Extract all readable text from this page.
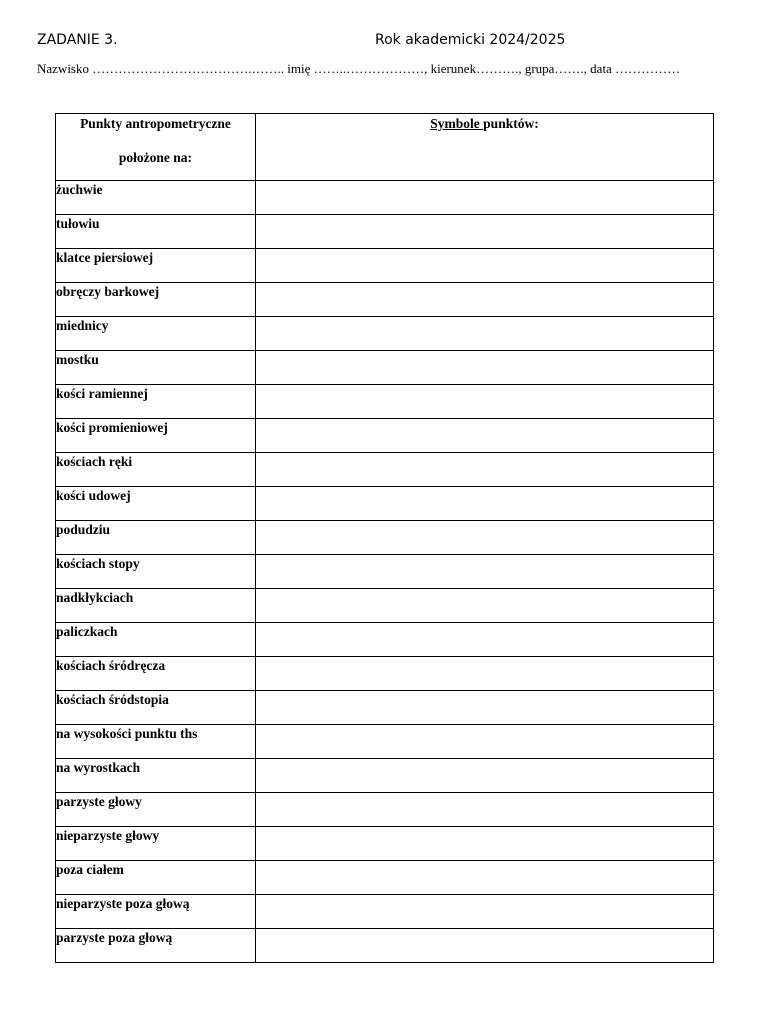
ZADANIE 3.	Rok akademicki 2024/2025
Nazwisko ……………………………….…….. imię ……..………………, kierunek………., grupa……., data ……………
Punkty antropometryczne
położone na:	Symbole punktów:

żuchwie	

tułowiu	

klatce piersiowej	

obręczy barkowej	

miednicy	

mostku	

kości ramiennej	

kości promieniowej	

kościach ręki	

kości udowej	

podudziu	

kościach stopy	

nadkłykciach	

paliczkach	

kościach śródręcza	

kościach śródstopia	

na wysokości punktu ths	

na wyrostkach	

parzyste głowy	

nieparzyste głowy	

poza ciałem	

nieparzyste poza głową	

parzyste poza głową	
